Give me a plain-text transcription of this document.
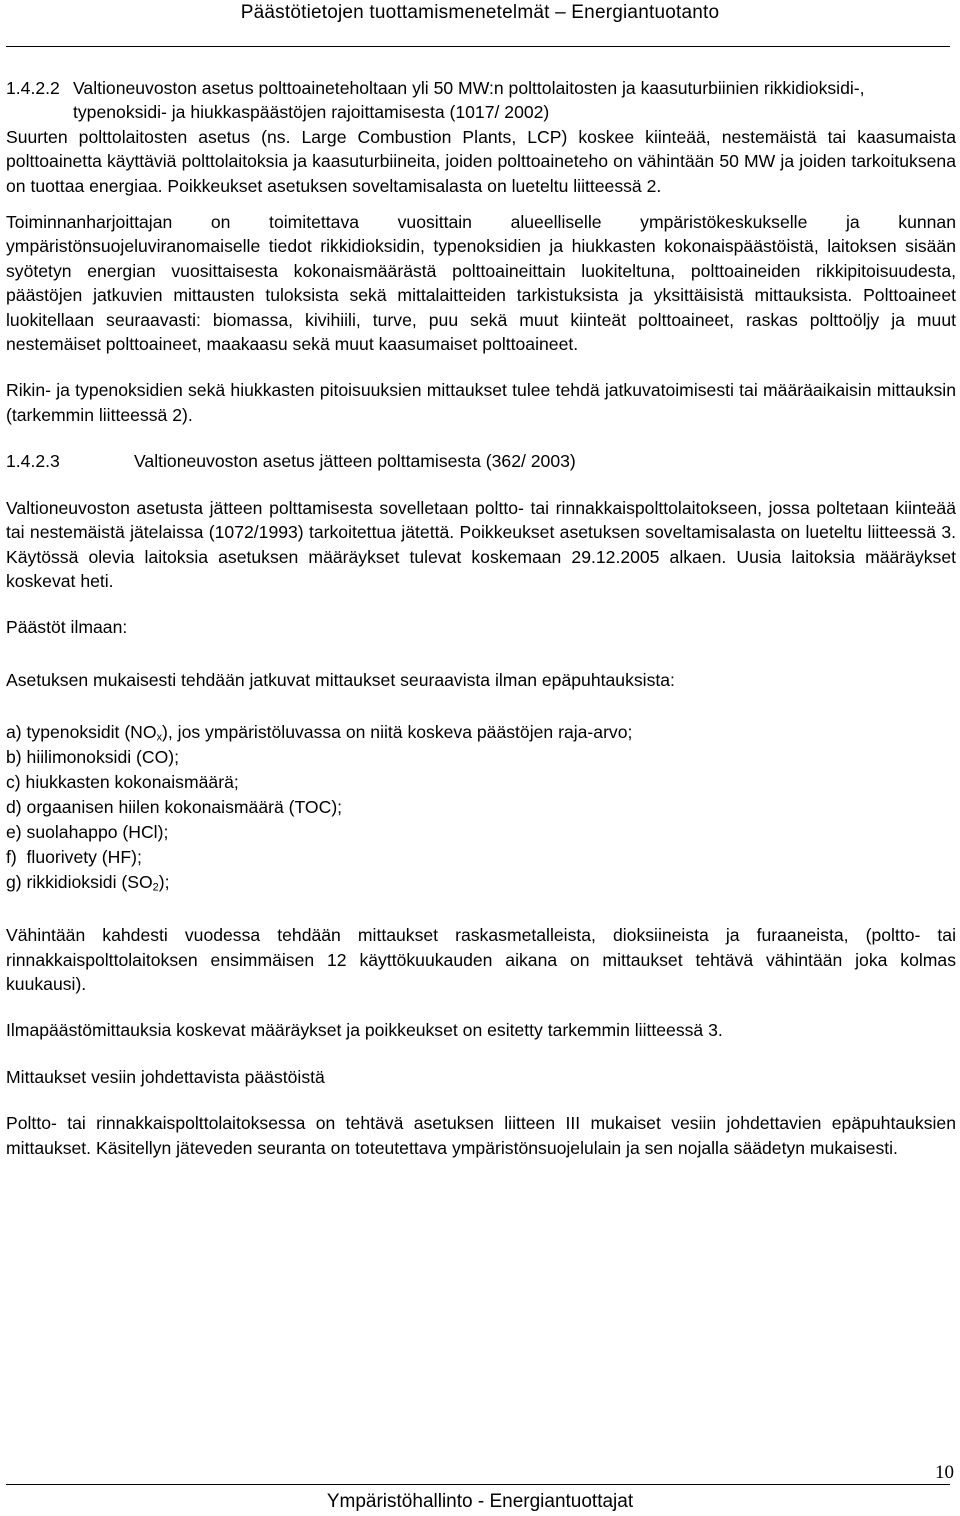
Päästötietojen tuottamismenetelmät – Energiantuotanto
1.4.2.2 Valtioneuvoston asetus polttoaineteholtaan yli 50 MW:n polttolaitosten ja kaasuturbiinien rikkidioksidi-, typenoksidi- ja hiukkaspäästöjen rajoittamisesta (1017/ 2002)

Suurten polttolaitosten asetus (ns. Large Combustion Plants, LCP) koskee kiinteää, nestemäistä tai kaasumaista polttoainetta käyttäviä polttolaitoksia ja kaasuturbiineita, joiden polttoaineteho on vähintään 50 MW ja joiden tarkoituksena on tuottaa energiaa. Poikkeukset asetuksen soveltamisalasta on lueteltu liitteessä 2.

Toiminnanharjoittajan on toimitettava vuosittain alueelliselle ympäristökeskukselle ja kunnan ympäristönsuojeluviranomaiselle tiedot rikkidioksidin, typenoksidien ja hiukkasten kokonaispäästöistä, laitoksen sisään syötetyn energian vuosittaisesta kokonaismäärästä polttoaineittain luokiteltuna, polttoaineiden rikkipitoisuudesta, päästöjen jatkuvien mittausten tuloksista sekä mittalaitteiden tarkistuksista ja yksittäisistä mittauksista. Polttoaineet luokitellaan seuraavasti: biomassa, kivihiili, turve, puu sekä muut kiinteät polttoaineet, raskas polttoöljy ja muut nestemäiset polttoaineet, maakaasu sekä muut kaasumaiset polttoaineet.

Rikin- ja typenoksidien sekä hiukkasten pitoisuuksien mittaukset tulee tehdä jatkuvatoimisesti tai määräaikaisin mittauksin (tarkemmin liitteessä 2).

1.4.2.3	Valtioneuvoston asetus jätteen polttamisesta (362/ 2003)

Valtioneuvoston asetusta jätteen polttamisesta sovelletaan poltto- tai rinnakkaispolttolaitokseen, jossa poltetaan kiinteää tai nestemäistä jätelaissa (1072/1993) tarkoitettua jätettä. Poikkeukset asetuksen soveltamisalasta on lueteltu liitteessä 3. Käytössä olevia laitoksia asetuksen määräykset tulevat koskemaan 29.12.2005 alkaen. Uusia laitoksia määräykset koskevat heti.

Päästöt ilmaan:

Asetuksen mukaisesti tehdään jatkuvat mittaukset seuraavista ilman epäpuhtauksista:

a) typenoksidit $(NO_x)$, jos ympäristöluvassa on niitä koskeva päästöjen raja-arvo;
b) hiilimonoksidi (CO);
c) hiukkasten kokonaismäärä;
d) orgaanisen hiilen kokonaismäärä (TOC);
e) suolahappo (HCl);
f)  fluorivety (HF);
g) rikkidioksidi $(SO_2)$;

Vähintään kahdesti vuodessa tehdään mittaukset raskasmetalleista, dioksiineista ja furaaneista, (poltto- tai rinnakkaispolttolaitoksen ensimmäisen 12 käyttökuukauden aikana on mittaukset tehtävä vähintään joka kolmas kuukausi).

Ilmapäästömittauksia koskevat määräykset ja poikkeukset on esitetty tarkemmin liitteessä 3.

Mittaukset vesiin johdettavista päästöistä

Poltto- tai rinnakkaispolttolaitoksessa on tehtävä asetuksen liitteen III mukaiset vesiin johdettavien epäpuhtauksien mittaukset. Käsitellyn jäteveden seuranta on toteutettava ympäristönsuojelulain ja sen nojalla säädetyn mukaisesti.

10
Ympäristöhallinto - Energiantuottajat
